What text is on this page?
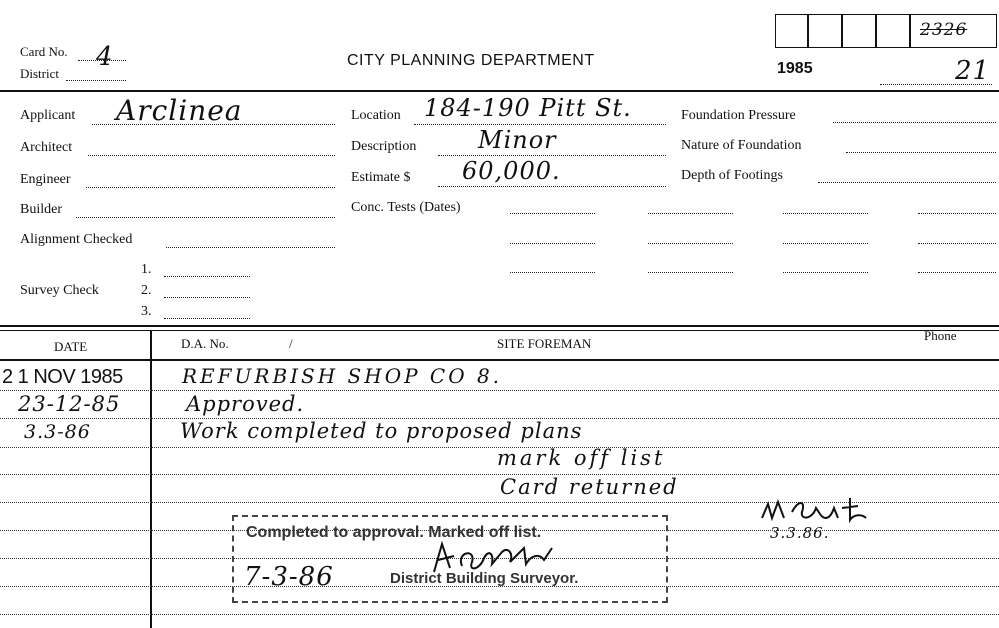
Card No. 4
District
CITY PLANNING DEPARTMENT	1985
2326
21
Applicant Arclinea
Architect
Engineer
Builder
Alignment Checked
Survey Check
1.
2.
3.
Location 184-190 Pitt St.
Description	Minor
Estimate $ 60,000.
Conc. Tests (Dates)
Foundation Pressure
Nature of Foundation
Depth of Footings
DATE	D.A. No.	/	SITE FOREMAN
Phone
2 1 NOV 1985	REFURBISH SHOP CO 8.
23-12-85	Approved.
3.3-86	Work completed to proposed plans
mark off list
Card returned
3.3.86.
Completed to approval. Marked off list.
7-3-86	District Building Surveyor.
